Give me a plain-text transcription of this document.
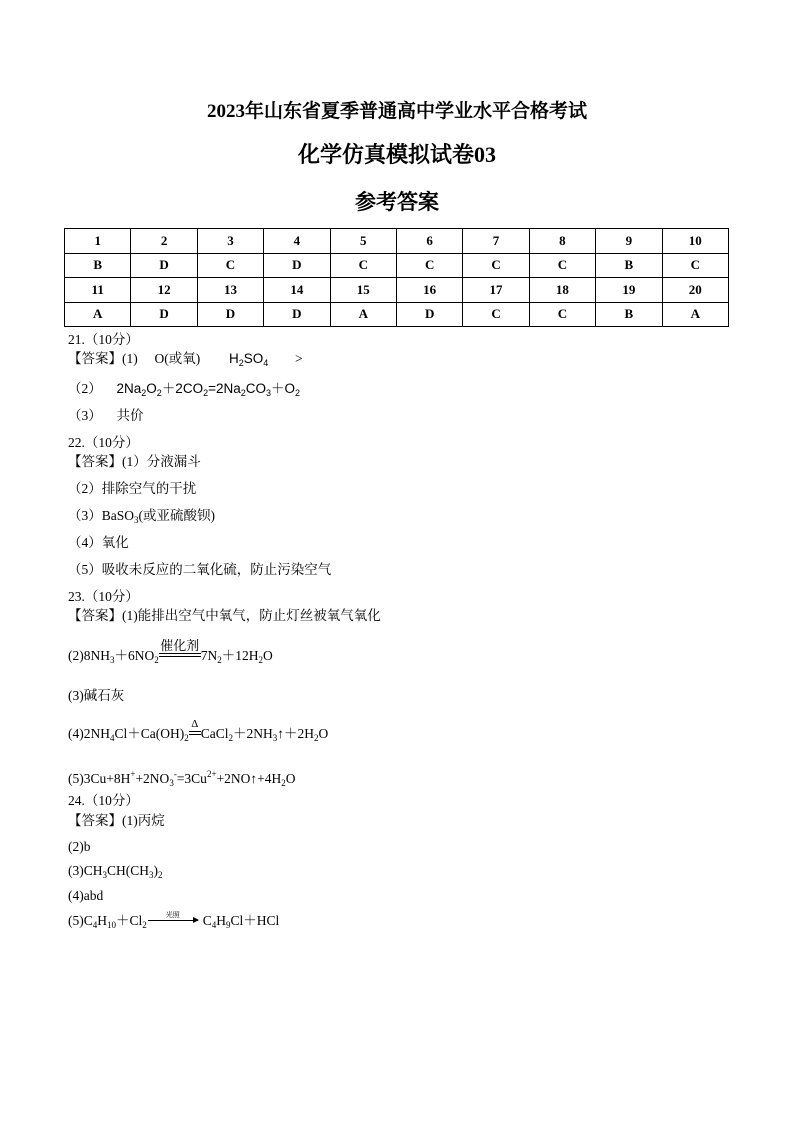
2023年山东省夏季普通高中学业水平合格考试
化学仿真模拟试卷03
参考答案
1	2	3	4	5	6	7	8	9	10
B	D	C	D	C	C	C	C	B	C
11	12	13	14	15	16	17	18	19	20
A	D	D	D	A	D	C	C	B	A
21.（10分）
【答案】(1) O(或氧) $H_2SO_4$ >
（2） $2Na_2O_2+2CO_2=2Na_2CO_3+O_2$
（3） 共价
22.（10分）
【答案】(1）分液漏斗
（2）排除空气的干扰
（3）BaSO$_3$(或亚硫酸钡)
（4）氧化
（5）吸收未反应的二氧化硫，防止污染空气
23.（10分）
【答案】(1)能排出空气中氧气，防止灯丝被氧气氧化
$(2)8NH_3+6NO_2$
催化剂
$7N_2+12H_2O$
(3)碱石灰
$(4)2NH_4Cl+Ca(OH)_2$
Δ
$CaCl_2+2NH_3↑+2H_2O$
$(5)3Cu+8H^++2NO_3^-=3Cu^{2+}+2NO↑+4H_2O$
24.（10分）
【答案】(1)丙烷
(2)b
$(3)CH_3CH(CH_3)_2$
(4)abd
$(5)C_4H_{10}+Cl_2$
光照	$C_4H_9Cl+HCl$
